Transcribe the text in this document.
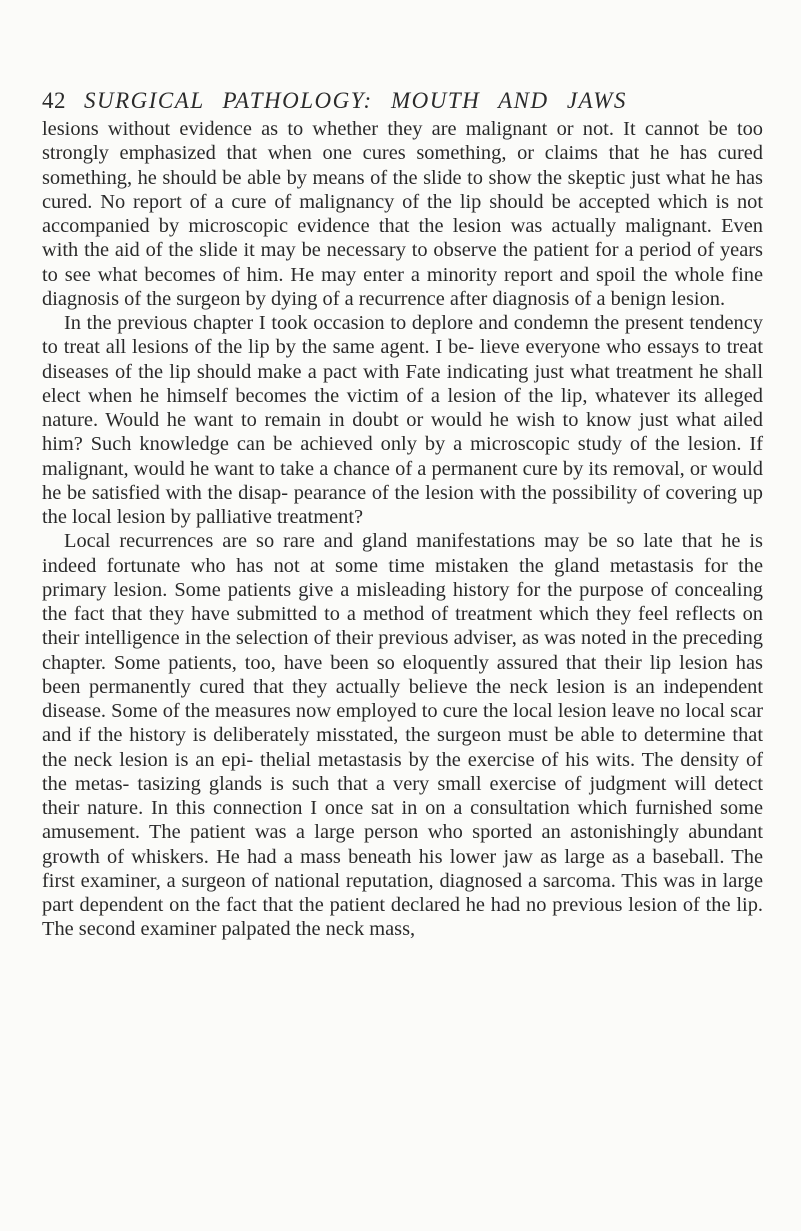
42 SURGICAL PATHOLOGY: MOUTH AND JAWS

lesions without evidence as to whether they are malignant or not. It cannot be too strongly emphasized that when one cures something, or claims that he has cured something, he should be able by means of the slide to show the skeptic just what he has cured. No report of a cure of malignancy of the lip should be accepted which is not accompanied by microscopic evidence that the lesion was actually malignant. Even with the aid of the slide it may be necessary to observe the patient for a period of years to see what becomes of him. He may enter a minority report and spoil the whole fine diagnosis of the surgeon by dying of a recurrence after diagnosis of a benign lesion.

In the previous chapter I took occasion to deplore and condemn the present tendency to treat all lesions of the lip by the same agent. I be- lieve everyone who essays to treat diseases of the lip should make a pact with Fate indicating just what treatment he shall elect when he himself becomes the victim of a lesion of the lip, whatever its alleged nature. Would he want to remain in doubt or would he wish to know just what ailed him? Such knowledge can be achieved only by a microscopic study of the lesion. If malignant, would he want to take a chance of a permanent cure by its removal, or would he be satisfied with the disap- pearance of the lesion with the possibility of covering up the local lesion by palliative treatment?

Local recurrences are so rare and gland manifestations may be so late that he is indeed fortunate who has not at some time mistaken the gland metastasis for the primary lesion. Some patients give a misleading history for the purpose of concealing the fact that they have submitted to a method of treatment which they feel reflects on their intelligence in the selection of their previous adviser, as was noted in the preceding chapter. Some patients, too, have been so eloquently assured that their lip lesion has been permanently cured that they actually believe the neck lesion is an independent disease. Some of the measures now employed to cure the local lesion leave no local scar and if the history is deliberately misstated, the surgeon must be able to determine that the neck lesion is an epi- thelial metastasis by the exercise of his wits. The density of the metas- tasizing glands is such that a very small exercise of judgment will detect their nature. In this connection I once sat in on a consultation which furnished some amusement. The patient was a large person who sported an astonishingly abundant growth of whiskers. He had a mass beneath his lower jaw as large as a baseball. The first examiner, a surgeon of national reputation, diagnosed a sarcoma. This was in large part dependent on the fact that the patient declared he had no previous lesion of the lip. The second examiner palpated the neck mass,
